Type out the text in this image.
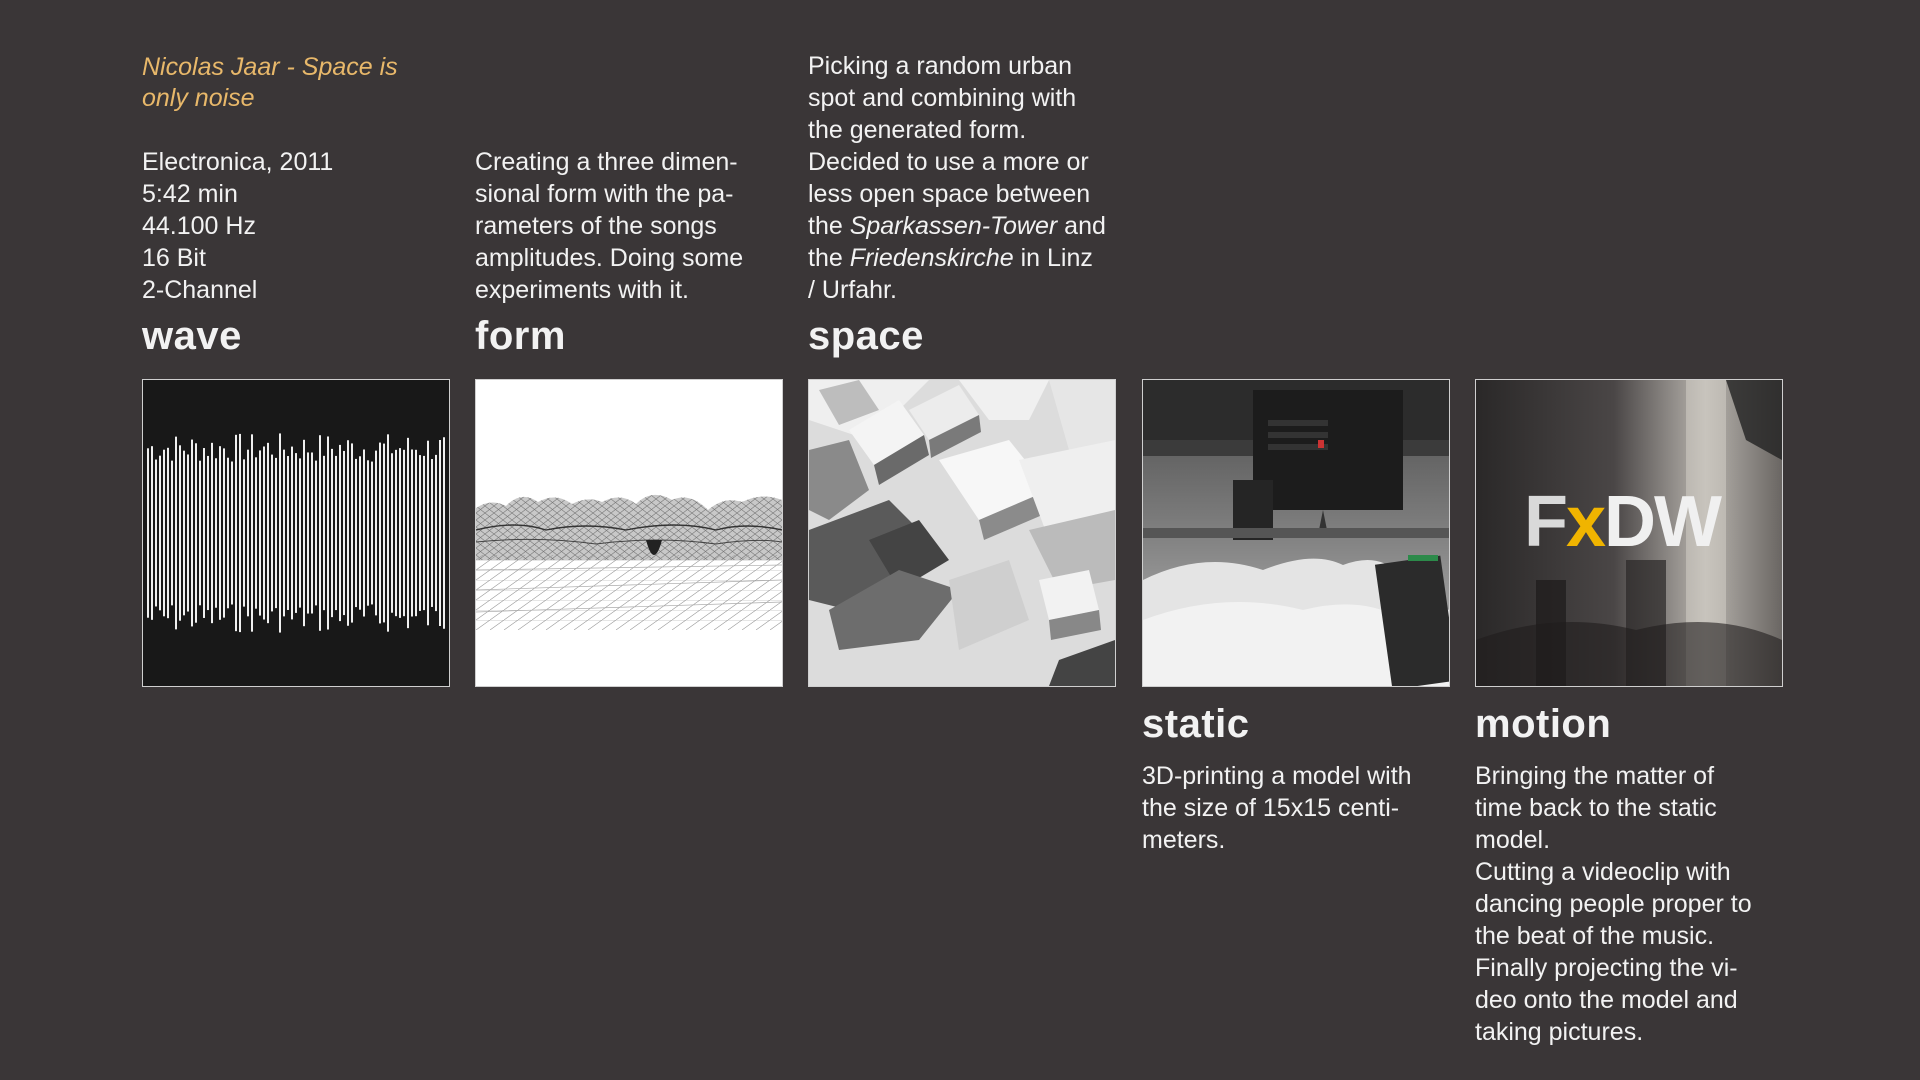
Nicolas Jaar - Space is
only noise
Electronica, 2011
5:42 min
44.100 Hz
16 Bit
2-Channel
wave
Creating a three dimen-
sional form with the pa-
rameters of the songs
amplitudes. Doing some
experiments with it.
form
Picking a random urban
spot and combining with
the generated form.
Decided to use a more or
less open space between
the Sparkassen-Tower and
the Friedenskirche in Linz
/ Urfahr.
space
static
3D-printing a model with
the size of 15x15 centi-
meters.
motion
Bringing the matter of
time back to the static
model.
Cutting a videoclip with
dancing people proper to
the beat of the music.
Finally projecting the vi-
deo onto the model and
taking pictures.
FxDW
